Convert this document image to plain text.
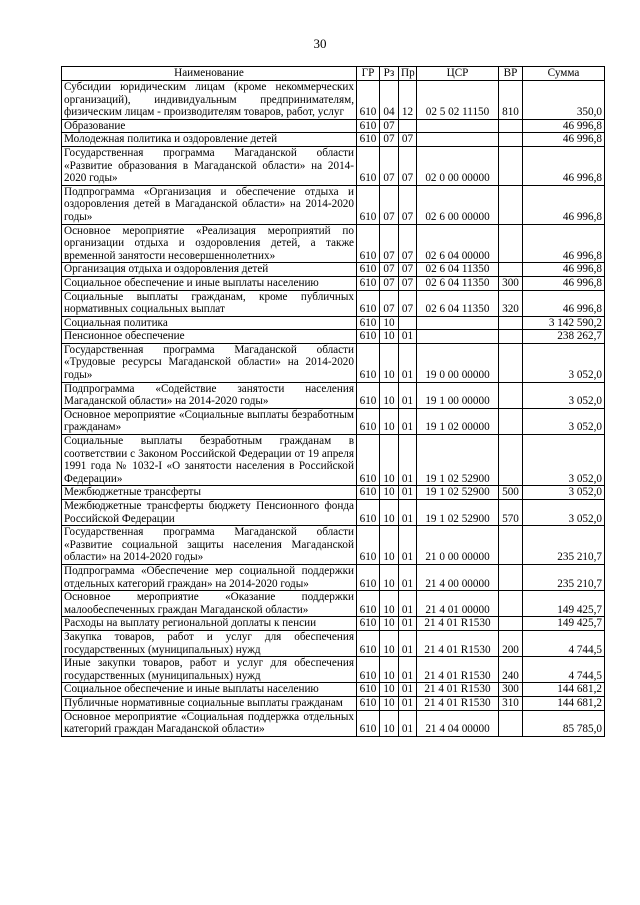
30
Наименование	ГР	Рз	Пр	ЦСР	ВР	Сумма
Субсидии юридическим лицам (кроме некоммерческих организаций), индивидуальным предпринимателям, физическим лицам - производителям товаров, работ, услуг	610	04	12	02 5 02 11150	810	350,0
Образование	610	07				46 996,8
Молодежная политика и оздоровление детей	610	07	07			46 996,8
Государственная программа Магаданской области «Развитие образования в Магаданской области» на 2014-2020 годы»	610	07	07	02 0 00 00000		46 996,8
Подпрограмма «Организация и обеспечение отдыха и оздоровления детей в Магаданской области» на 2014-2020 годы»	610	07	07	02 6 00 00000		46 996,8
Основное мероприятие «Реализация мероприятий по организации отдыха и оздоровления детей, а также временной занятости несовершеннолетних»	610	07	07	02 6 04 00000		46 996,8
Организация отдыха и оздоровления детей	610	07	07	02 6 04 11350		46 996,8
Социальное обеспечение и иные выплаты населению	610	07	07	02 6 04 11350	300	46 996,8
Социальные выплаты гражданам, кроме публичных нормативных социальных выплат	610	07	07	02 6 04 11350	320	46 996,8
Социальная политика	610	10				3 142 590,2
Пенсионное обеспечение	610	10	01			238 262,7
Государственная программа Магаданской области «Трудовые ресурсы Магаданской области» на 2014-2020 годы»	610	10	01	19 0 00 00000		3 052,0
Подпрограмма «Содействие занятости населения Магаданской области» на 2014-2020 годы»	610	10	01	19 1 00 00000		3 052,0
Основное мероприятие «Социальные выплаты безработным гражданам»	610	10	01	19 1 02 00000		3 052,0
Социальные выплаты безработным гражданам в соответствии с Законом Российской Федерации от 19 апреля 1991 года № 1032-I «О занятости населения в Российской Федерации»	610	10	01	19 1 02 52900		3 052,0
Межбюджетные трансферты	610	10	01	19 1 02 52900	500	3 052,0
Межбюджетные трансферты бюджету Пенсионного фонда Российской Федерации	610	10	01	19 1 02 52900	570	3 052,0
Государственная программа Магаданской области «Развитие социальной защиты населения Магаданской области» на 2014-2020 годы»	610	10	01	21 0 00 00000		235 210,7
Подпрограмма «Обеспечение мер социальной поддержки отдельных категорий граждан» на 2014-2020 годы»	610	10	01	21 4 00 00000		235 210,7
Основное мероприятие «Оказание поддержки малообеспеченных граждан Магаданской области»	610	10	01	21 4 01 00000		149 425,7
Расходы на выплату региональной доплаты к пенсии	610	10	01	21 4 01 R1530		149 425,7
Закупка товаров, работ и услуг для обеспечения государственных (муниципальных) нужд	610	10	01	21 4 01 R1530	200	4 744,5
Иные закупки товаров, работ и услуг для обеспечения государственных (муниципальных) нужд	610	10	01	21 4 01 R1530	240	4 744,5
Социальное обеспечение и иные выплаты населению	610	10	01	21 4 01 R1530	300	144 681,2
Публичные нормативные социальные выплаты гражданам	610	10	01	21 4 01 R1530	310	144 681,2
Основное мероприятие «Социальная поддержка отдельных категорий граждан Магаданской области»	610	10	01	21 4 04 00000		85 785,0
